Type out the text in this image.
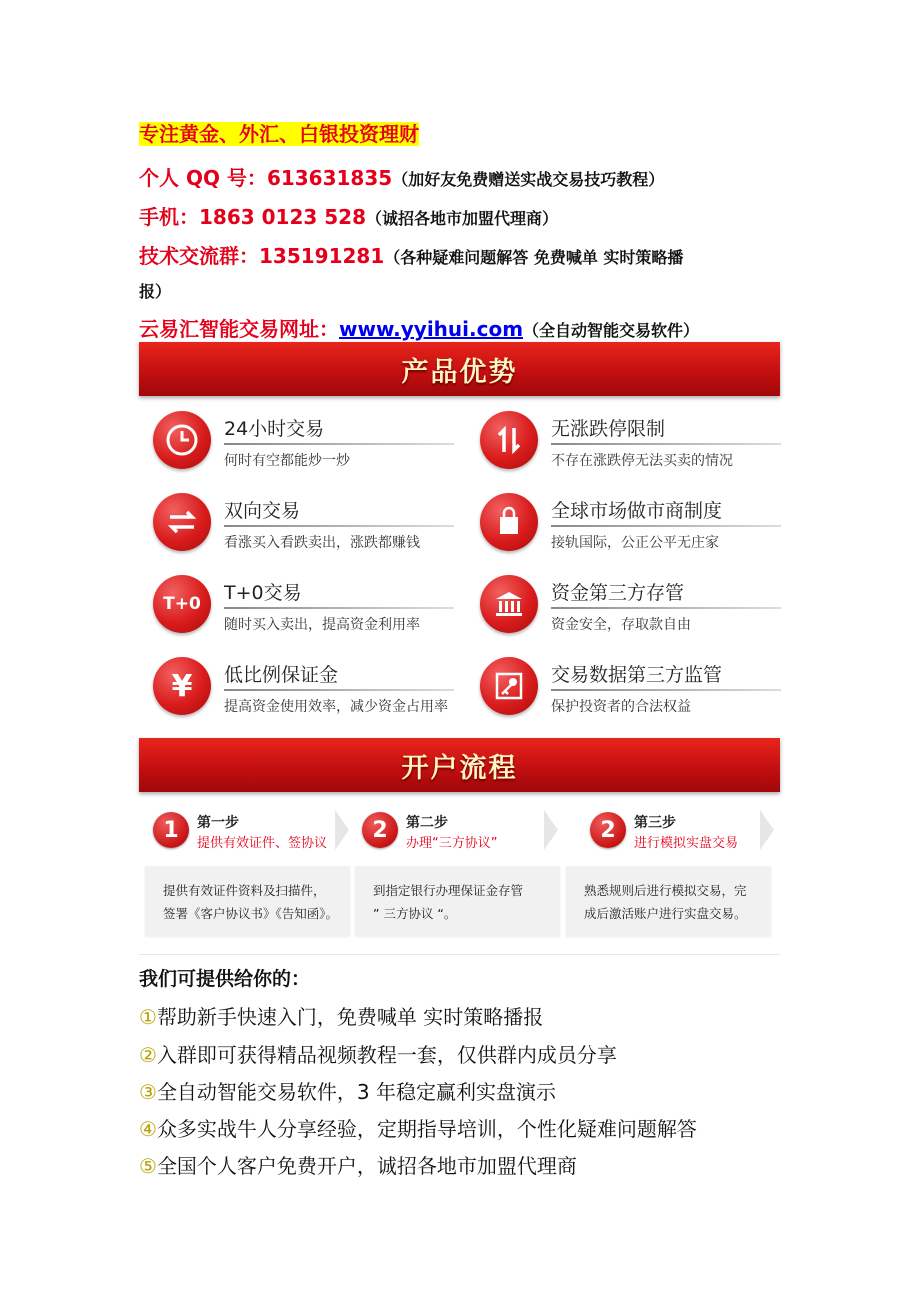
专注黄金、外汇、白银投资理财
个人 QQ 号：613631835（加好友免费赠送实战交易技巧教程）
手机：1863 0123 528（诚招各地市加盟代理商）
技术交流群：135191281（各种疑难问题解答 免费喊单 实时策略播
报）
云易汇智能交易网址：www.yyihui.com（全自动智能交易软件）
产品优势
24小时交易
何时有空都能炒一炒
无涨跌停限制
不存在涨跌停无法买卖的情况
双向交易
看涨买入看跌卖出，涨跌都赚钱
全球市场做市商制度
接轨国际，公正公平无庄家
T+0 T+0交易
随时买入卖出，提高资金利用率
资金第三方存管
资金安全，存取款自由
¥ 低比例保证金
提高资金使用效率，减少资金占用率
交易数据第三方监管
保护投资者的合法权益
开户流程
1	第一步
提供有效证件、签协议
2	第二步
办理“三方协议”
2	第三步
进行模拟实盘交易
提供有效证件资料及扫描件，
签署《客户协议书》《告知函》。
到指定银行办理保证金存管
” 三方协议 “。
熟悉规则后进行模拟交易，完
成后激活账户进行实盘交易。
我们可提供给你的：
①帮助新手快速入门，免费喊单 实时策略播报
②入群即可获得精品视频教程一套，仅供群内成员分享
③全自动智能交易软件，3 年稳定赢利实盘演示
④众多实战牛人分享经验，定期指导培训，个性化疑难问题解答
⑤全国个人客户免费开户，诚招各地市加盟代理商
